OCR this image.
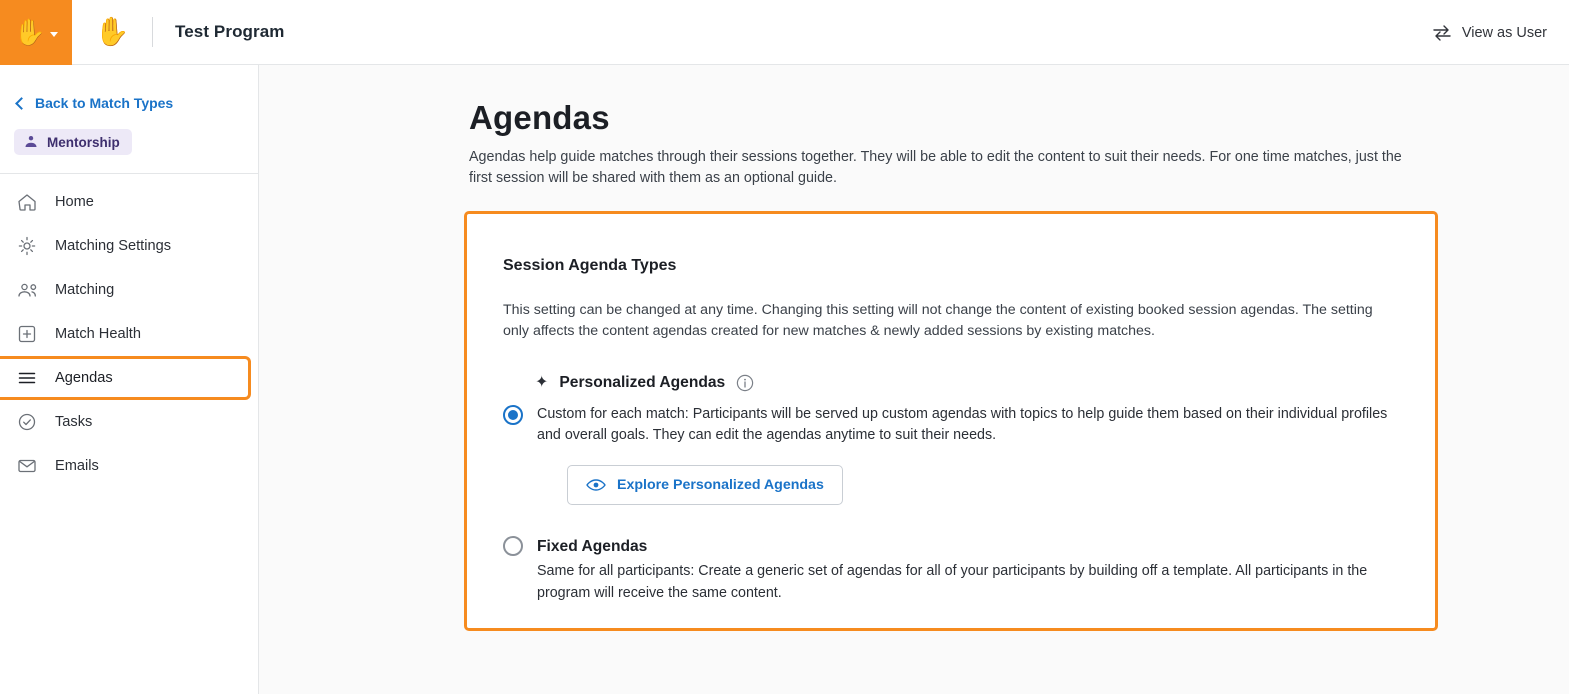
✋ ✋	Test Program	View as User
Back to Match Types
Mentorship
Home
Matching Settings
Matching
Match Health
Agendas
Tasks
Emails
Agendas
Agendas help guide matches through their sessions together. They will be able to edit the content to suit their needs. For one time matches, just the first session will be shared with them as an optional guide.
Session Agenda Types
This setting can be changed at any time. Changing this setting will not change the content of existing booked session agendas. The setting only affects the content agendas created for new matches & newly added sessions by existing matches.
✦ Personalized Agendas
Custom for each match: Participants will be served up custom agendas with topics to help guide them based on their individual profiles and overall goals. They can edit the agendas anytime to suit their needs.
Explore Personalized Agendas
Fixed Agendas
Same for all participants: Create a generic set of agendas for all of your participants by building off a template. All participants in the program will receive the same content.
